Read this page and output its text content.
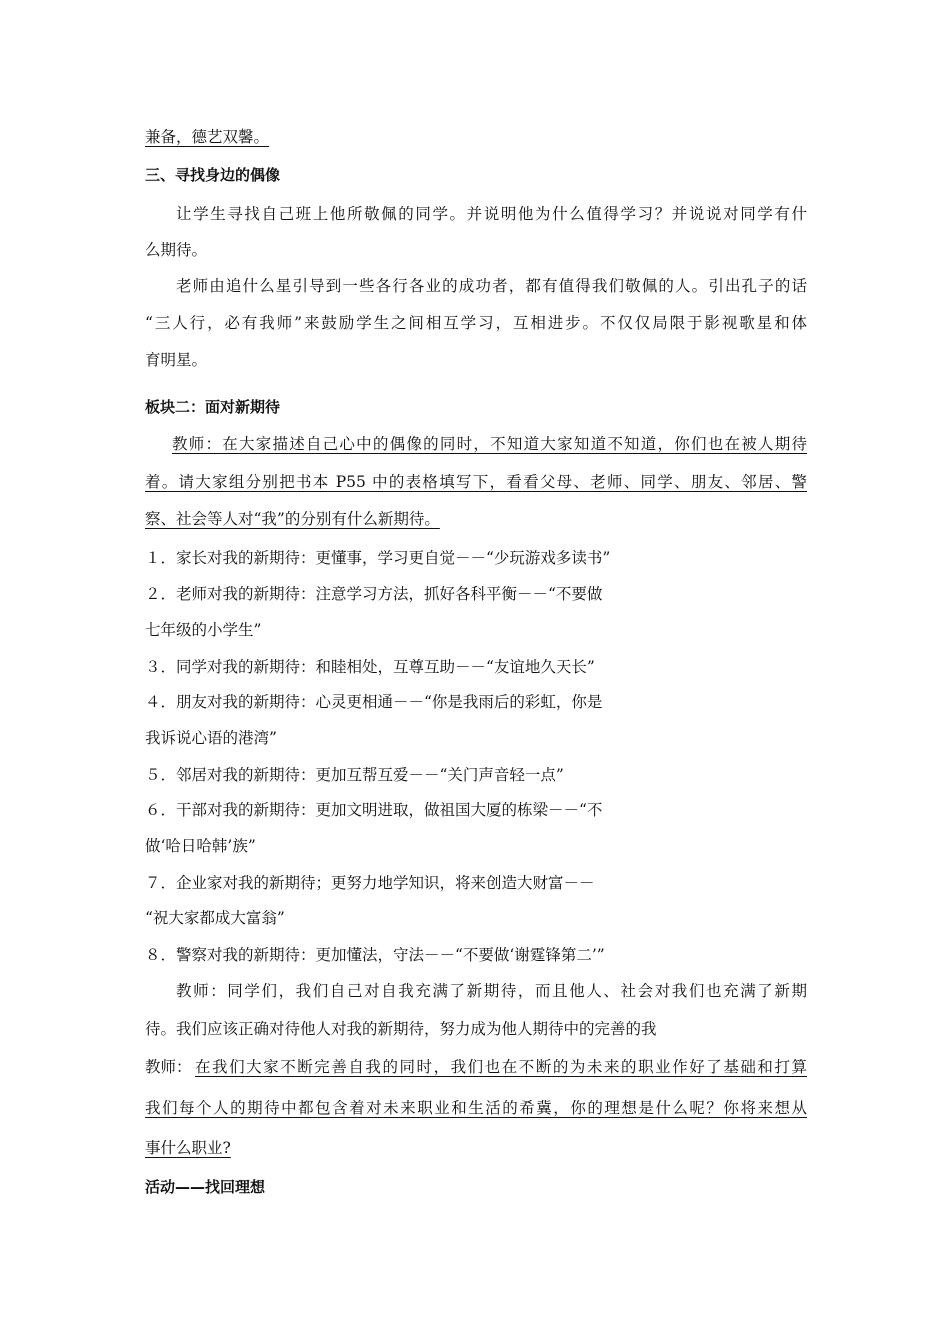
兼备，德艺双馨。
三、寻找身边的偶像
让学生寻找自己班上他所敬佩的同学。并说明他为什么值得学习？并说说对同学有什
么期待。
老师由追什么星引导到一些各行各业的成功者，都有值得我们敬佩的人。引出孔子的话
“三人行，必有我师”来鼓励学生之间相互学习，互相进步。不仅仅局限于影视歌星和体
育明星。
板块二：面对新期待
教师：在大家描述自己心中的偶像的同时，不知道大家知道不知道，你们也在被人期待
着。请大家组分别把书本 P55 中的表格填写下，看看父母、老师、同学、朋友、邻居、警
察、社会等人对“我”的分别有什么新期待。
１．家长对我的新期待：更懂事，学习更自觉－－“少玩游戏多读书”
２．老师对我的新期待：注意学习方法，抓好各科平衡－－“不要做
七年级的小学生”
３．同学对我的新期待：和睦相处，互尊互助－－“友谊地久天长”
４．朋友对我的新期待：心灵更相通－－“你是我雨后的彩虹，你是
我诉说心语的港湾”
５．邻居对我的新期待：更加互帮互爱－－“关门声音轻一点”
６．干部对我的新期待：更加文明进取，做祖国大厦的栋梁－－“不
做‘哈日哈韩’族”
７．企业家对我的新期待；更努力地学知识，将来创造大财富－－
“祝大家都成大富翁”
８．警察对我的新期待：更加懂法，守法－－“不要做‘谢霆锋第二’”
教师：同学们，我们自己对自我充满了新期待，而且他人、社会对我们也充满了新期
待。我们应该正确对待他人对我的新期待，努力成为他人期待中的完善的我
教师： 在我们大家不断完善自我的同时，我们也在不断的为未来的职业作好了基础和打算
我们每个人的期待中都包含着对未来职业和生活的希冀，你的理想是什么呢？你将来想从
事什么职业?
活动——找回理想
